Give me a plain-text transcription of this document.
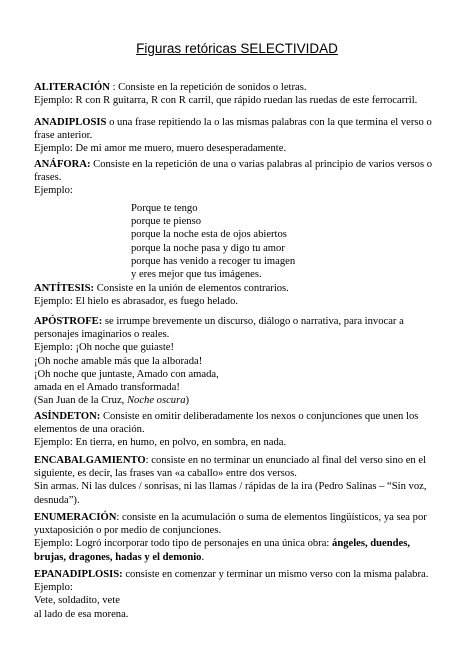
Figuras retóricas SELECTIVIDAD

ALITERACIÓN : Consiste en la repetición de sonidos o letras.

Ejemplo: R con R guitarra, R con R carril, que rápido ruedan las ruedas de este ferrocarril.

ANADIPLOSIS o una frase repitiendo la o las mismas palabras con la que termina el verso o frase anterior.

Ejemplo: De mi amor me muero, muero desesperadamente.

ANÁFORA: Consiste en la repetición de una o varias palabras al principio de varios versos o frases.

Ejemplo:

Porque te tengo
porque te pienso
porque la noche esta de ojos abiertos
porque la noche pasa y digo tu amor
porque has venido a recoger tu imagen
y eres mejor que tus imágenes.

ANTÍTESIS: Consiste en la unión de elementos contrarios.

Ejemplo: El hielo es abrasador, es fuego helado.

APÓSTROFE: se irrumpe brevemente un discurso, diálogo o narrativa, para invocar a personajes imaginarios o reales.

Ejemplo: ¡Oh noche que guiaste!

¡Oh noche amable más que la alborada!

¡Oh noche que juntaste, Amado con amada,

amada en el Amado transformada!

(San Juan de la Cruz, Noche oscura)

ASÍNDETON: Consiste en omitir deliberadamente los nexos o conjunciones que unen los elementos de una oración.

Ejemplo: En tierra, en humo, en polvo, en sombra, en nada.

ENCABALGAMIENTO: consiste en no terminar un enunciado al final del verso sino en el siguiente, es decir, las frases van «a caballo» entre dos versos.

Sin armas. Ni las dulces / sonrisas, ni las llamas / rápidas de la ira (Pedro Salinas – “Sin voz, desnuda”).

ENUMERACIÓN: consiste en la acumulación o suma de elementos lingüísticos, ya sea por yuxtaposición o por medio de conjunciones.

Ejemplo: Logró incorporar todo tipo de personajes en una única obra: ángeles, duendes, brujas, dragones, hadas y el demonio.

EPANADIPLOSIS: consiste en comenzar y terminar un mismo verso con la misma palabra.

Ejemplo:

Vete, soldadito, vete

al lado de esa morena.
